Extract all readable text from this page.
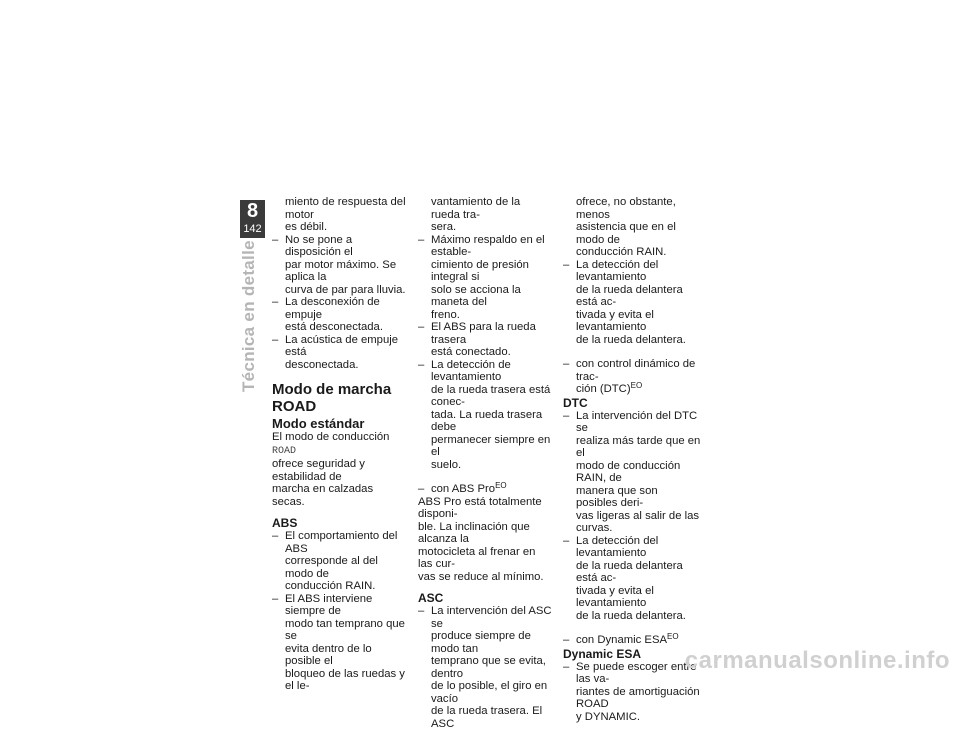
8
142
Técnica en detalle
miento de respuesta del motor
es débil.

– No se pone a disposición el
par motor máximo. Se aplica la
curva de par para lluvia.

– La desconexión de empuje
está desconectada.

– La acústica de empuje está
desconectada.

Modo de marcha ROAD
Modo estándar

El modo de conducción ROAD
ofrece seguridad y estabilidad de
marcha en calzadas secas.

ABS

– El comportamiento del ABS
corresponde al del modo de
conducción RAIN.

– El ABS interviene siempre de
modo tan temprano que se
evita dentro de lo posible el
bloqueo de las ruedas y el le-

vantamiento de la rueda tra-
sera.

– Máximo respaldo en el estable-
cimiento de presión integral si
solo se acciona la maneta del
freno.

– El ABS para la rueda trasera
está conectado.

– La detección de levantamiento
de la rueda trasera está conec-
tada. La rueda trasera debe
permanecer siempre en el
suelo.

– con ABS Pro$^{EO}$

ABS Pro está totalmente disponi-
ble. La inclinación que alcanza la
motocicleta al frenar en las cur-
vas se reduce al mínimo.

ASC

– La intervención del ASC se
produce siempre de modo tan
temprano que se evita, dentro
de lo posible, el giro en vacío
de la rueda trasera. El ASC

ofrece, no obstante, menos
asistencia que en el modo de
conducción RAIN.

– La detección del levantamiento
de la rueda delantera está ac-
tivada y evita el levantamiento
de la rueda delantera.

– con control dinámico de trac-
ción (DTC)$^{EO}$
DTC

– La intervención del DTC se
realiza más tarde que en el
modo de conducción RAIN, de
manera que son posibles deri-
vas ligeras al salir de las curvas.

– La detección del levantamiento
de la rueda delantera está ac-
tivada y evita el levantamiento
de la rueda delantera.

– con Dynamic $ESA^{EO}$
Dynamic ESA

– Se puede escoger entre las va-
riantes de amortiguación ROAD
y DYNAMIC.

carmanualsonline.info
